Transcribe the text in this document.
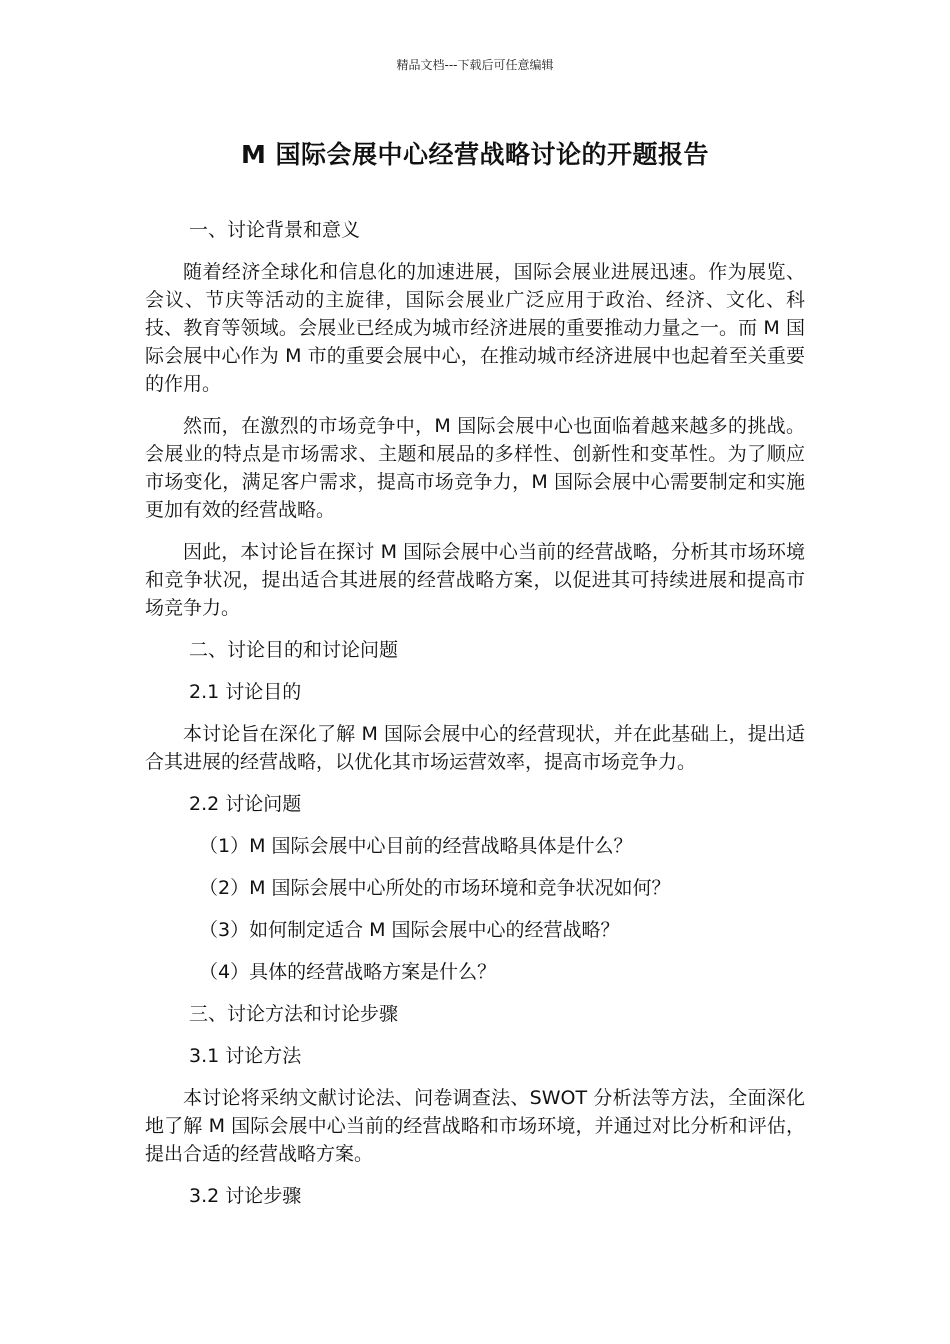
精品文档---下载后可任意编辑
M 国际会展中心经营战略讨论的开题报告

一、讨论背景和意义

随着经济全球化和信息化的加速进展，国际会展业进展迅速。作为展览、会议、节庆等活动的主旋律，国际会展业广泛应用于政治、经济、文化、科技、教育等领域。会展业已经成为城市经济进展的重要推动力量之一。而 M 国际会展中心作为 M 市的重要会展中心，在推动城市经济进展中也起着至关重要的作用。

然而，在激烈的市场竞争中，M 国际会展中心也面临着越来越多的挑战。会展业的特点是市场需求、主题和展品的多样性、创新性和变革性。为了顺应市场变化，满足客户需求，提高市场竞争力，M 国际会展中心需要制定和实施更加有效的经营战略。

因此，本讨论旨在探讨 M 国际会展中心当前的经营战略，分析其市场环境和竞争状况，提出适合其进展的经营战略方案，以促进其可持续进展和提高市场竞争力。

二、讨论目的和讨论问题

2.1 讨论目的

本讨论旨在深化了解 M 国际会展中心的经营现状，并在此基础上，提出适合其进展的经营战略，以优化其市场运营效率，提高市场竞争力。

2.2 讨论问题

（1）M 国际会展中心目前的经营战略具体是什么？

（2）M 国际会展中心所处的市场环境和竞争状况如何？

（3）如何制定适合 M 国际会展中心的经营战略？

（4）具体的经营战略方案是什么？

三、讨论方法和讨论步骤

3.1 讨论方法

本讨论将采纳文献讨论法、问卷调查法、SWOT 分析法等方法，全面深化地了解 M 国际会展中心当前的经营战略和市场环境，并通过对比分析和评估，提出合适的经营战略方案。

3.2 讨论步骤
